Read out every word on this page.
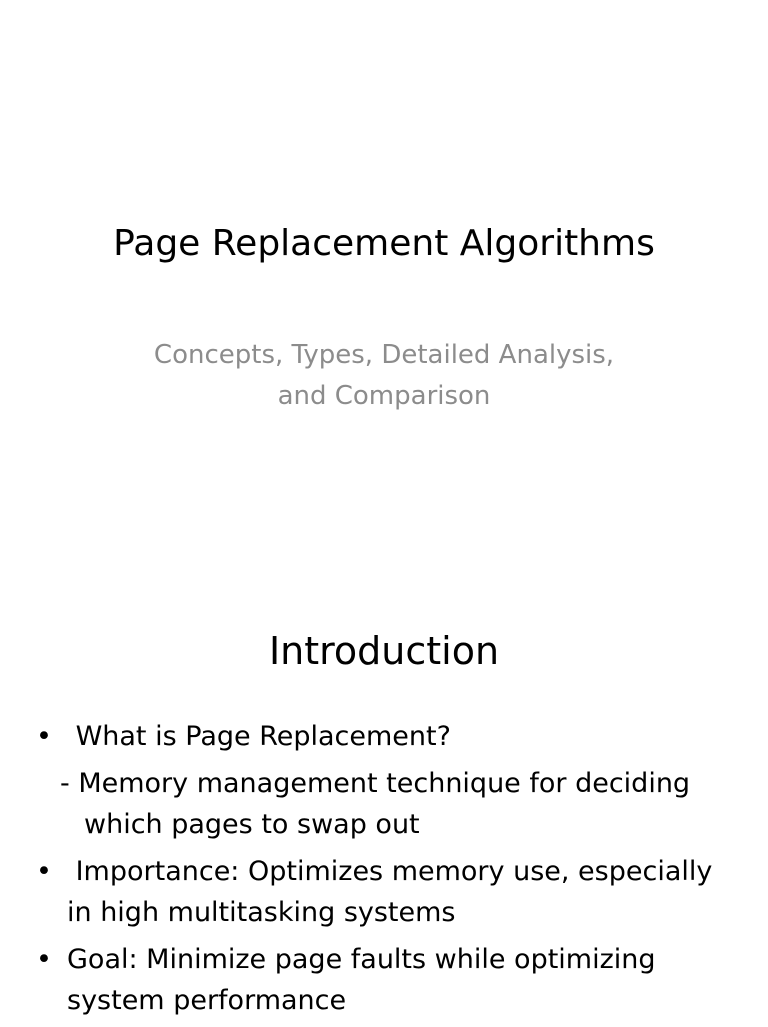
Page Replacement Algorithms
Concepts, Types, Detailed Analysis,
and Comparison
Introduction
• What is Page Replacement?
- Memory management technique for deciding
which pages to swap out
• Importance: Optimizes memory use, especially
in high multitasking systems
• Goal: Minimize page faults while optimizing
system performance
